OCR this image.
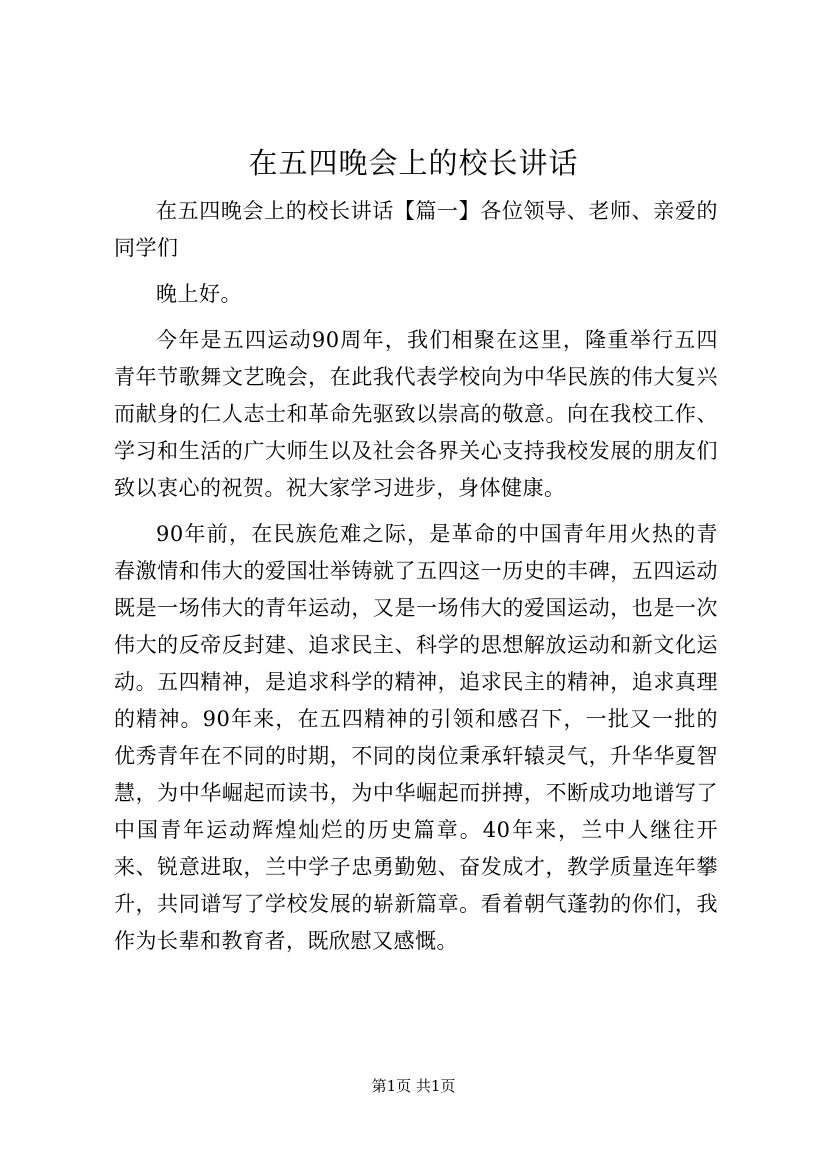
在五四晚会上的校长讲话

在五四晚会上的校长讲话【篇一】各位领导、老师、亲爱的同学们

晚上好。

今年是五四运动90周年，我们相聚在这里，隆重举行五四青年节歌舞文艺晚会，在此我代表学校向为中华民族的伟大复兴而献身的仁人志士和革命先驱致以崇高的敬意。向在我校工作、学习和生活的广大师生以及社会各界关心支持我校发展的朋友们致以衷心的祝贺。祝大家学习进步，身体健康。

90年前，在民族危难之际，是革命的中国青年用火热的青春激情和伟大的爱国壮举铸就了五四这一历史的丰碑，五四运动既是一场伟大的青年运动，又是一场伟大的爱国运动，也是一次伟大的反帝反封建、追求民主、科学的思想解放运动和新文化运动。五四精神，是追求科学的精神，追求民主的精神，追求真理的精神。90年来，在五四精神的引领和感召下，一批又一批的优秀青年在不同的时期，不同的岗位秉承轩辕灵气，升华华夏智慧，为中华崛起而读书，为中华崛起而拼搏，不断成功地谱写了中国青年运动辉煌灿烂的历史篇章。40年来，兰中人继往开来、锐意进取，兰中学子忠勇勤勉、奋发成才，教学质量连年攀升，共同谱写了学校发展的崭新篇章。看着朝气蓬勃的你们，我作为长辈和教育者，既欣慰又感慨。

第1页 共1页
